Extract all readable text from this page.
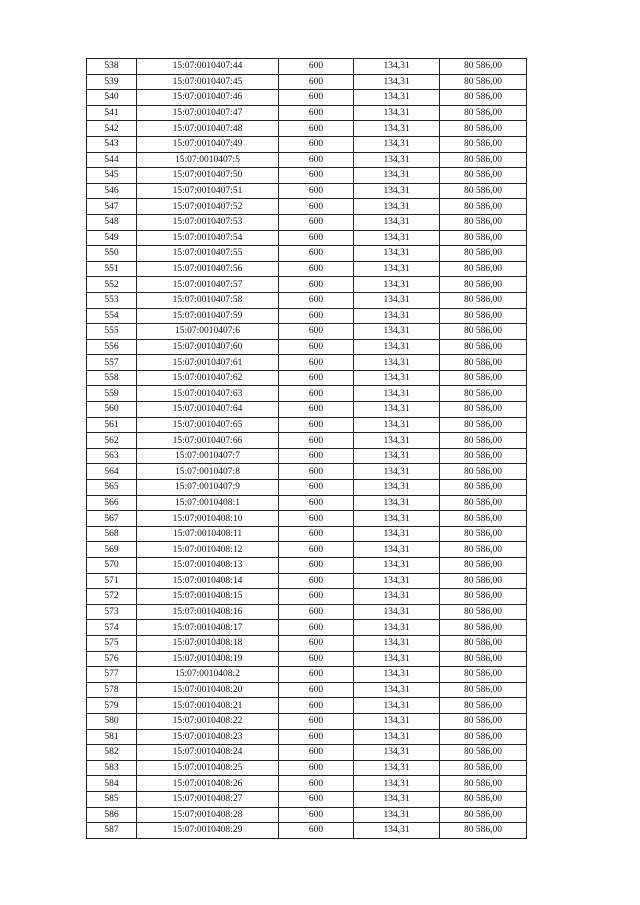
538	15:07:0010407:44	600	134,31	80 586,00
539	15:07:0010407:45	600	134,31	80 586,00
540	15:07:0010407:46	600	134,31	80 586,00
541	15:07:0010407:47	600	134,31	80 586,00
542	15:07:0010407:48	600	134,31	80 586,00
543	15:07:0010407:49	600	134,31	80 586,00
544	15:07:0010407:5	600	134,31	80 586,00
545	15:07:0010407:50	600	134,31	80 586,00
546	15:07:0010407:51	600	134,31	80 586,00
547	15:07:0010407:52	600	134,31	80 586,00
548	15:07:0010407:53	600	134,31	80 586,00
549	15:07:0010407:54	600	134,31	80 586,00
550	15:07:0010407:55	600	134,31	80 586,00
551	15:07:0010407:56	600	134,31	80 586,00
552	15:07:0010407:57	600	134,31	80 586,00
553	15:07:0010407:58	600	134,31	80 586,00
554	15:07:0010407:59	600	134,31	80 586,00
555	15:07:0010407:6	600	134,31	80 586,00
556	15:07:0010407:60	600	134,31	80 586,00
557	15:07:0010407:61	600	134,31	80 586,00
558	15:07:0010407:62	600	134,31	80 586,00
559	15:07:0010407:63	600	134,31	80 586,00
560	15:07:0010407:64	600	134,31	80 586,00
561	15:07:0010407:65	600	134,31	80 586,00
562	15:07:0010407:66	600	134,31	80 586,00
563	15:07:0010407:7	600	134,31	80 586,00
564	15:07:0010407:8	600	134,31	80 586,00
565	15:07:0010407:9	600	134,31	80 586,00
566	15:07:0010408:1	600	134,31	80 586,00
567	15:07:0010408:10	600	134,31	80 586,00
568	15:07:0010408:11	600	134,31	80 586,00
569	15:07:0010408:12	600	134,31	80 586,00
570	15:07:0010408:13	600	134,31	80 586,00
571	15:07:0010408:14	600	134,31	80 586,00
572	15:07:0010408:15	600	134,31	80 586,00
573	15:07:0010408:16	600	134,31	80 586,00
574	15:07:0010408:17	600	134,31	80 586,00
575	15:07:0010408:18	600	134,31	80 586,00
576	15:07:0010408:19	600	134,31	80 586,00
577	15:07:0010408:2	600	134,31	80 586,00
578	15:07:0010408:20	600	134,31	80 586,00
579	15:07:0010408:21	600	134,31	80 586,00
580	15:07:0010408:22	600	134,31	80 586,00
581	15:07:0010408:23	600	134,31	80 586,00
582	15:07:0010408:24	600	134,31	80 586,00
583	15:07:0010408:25	600	134,31	80 586,00
584	15:07:0010408:26	600	134,31	80 586,00
585	15:07:0010408:27	600	134,31	80 586,00
586	15:07:0010408:28	600	134,31	80 586,00
587	15:07:0010408:29	600	134,31	80 586,00
